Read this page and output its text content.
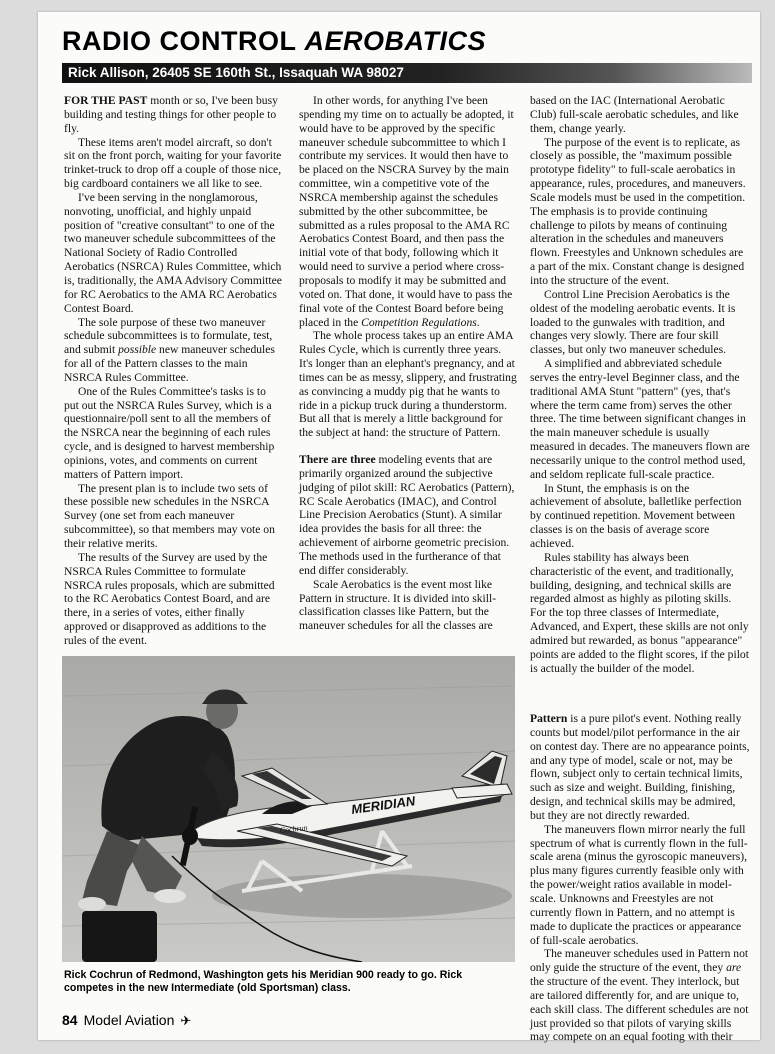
RADIO CONTROL AEROBATICS
Rick Allison, 26405 SE 160th St., Issaquah WA 98027

FOR THE PAST month or so, I've been busy building and testing things for other people to fly.

These items aren't model aircraft, so don't sit on the front porch, waiting for your favorite trinket-truck to drop off a couple of those nice, big cardboard containers we all like to see.

I've been serving in the nonglamorous, nonvoting, unofficial, and highly unpaid position of "creative consultant" to one of the two maneuver schedule subcommittees of the National Society of Radio Controlled Aerobatics (NSRCA) Rules Committee, which is, traditionally, the AMA Advisory Committee for RC Aerobatics to the AMA RC Aerobatics Contest Board.

The sole purpose of these two maneuver schedule subcommittees is to formulate, test, and submit possible new maneuver schedules for all of the Pattern classes to the main NSRCA Rules Committee.

One of the Rules Committee's tasks is to put out the NSRCA Rules Survey, which is a questionnaire/poll sent to all the members of the NSRCA near the beginning of each rules cycle, and is designed to harvest membership opinions, votes, and comments on current matters of Pattern import.

The present plan is to include two sets of these possible new schedules in the NSRCA Survey (one set from each maneuver subcommittee), so that members may vote on their relative merits.

The results of the Survey are used by the NSRCA Rules Committee to formulate NSRCA rules proposals, which are submitted to the RC Aerobatics Contest Board, and are there, in a series of votes, either finally approved or disapproved as additions to the rules of the event.

In other words, for anything I've been spending my time on to actually be adopted, it would have to be approved by the specific maneuver schedule subcommittee to which I contribute my services. It would then have to be placed on the NSCRA Survey by the main committee, win a competitive vote of the NSRCA membership against the schedules submitted by the other subcommittee, be submitted as a rules proposal to the AMA RC Aerobatics Contest Board, and then pass the initial vote of that body, following which it would need to survive a period where cross-proposals to modify it may be submitted and voted on. That done, it would have to pass the final vote of the Contest Board before being placed in the Competition Regulations.

The whole process takes up an entire AMA Rules Cycle, which is currently three years. It's longer than an elephant's pregnancy, and at times can be as messy, slippery, and frustrating as convincing a muddy pig that he wants to ride in a pickup truck during a thunderstorm. But all that is merely a little background for the subject at hand: the structure of Pattern.

There are three modeling events that are primarily organized around the subjective judging of pilot skill: RC Aerobatics (Pattern), RC Scale Aerobatics (IMAC), and Control Line Precision Aerobatics (Stunt). A similar idea provides the basis for all three: the achievement of airborne geometric precision. The methods used in the furtherance of that end differ considerably.

Scale Aerobatics is the event most like Pattern in structure. It is divided into skill-classification classes like Pattern, but the maneuver schedules for all the classes are

based on the IAC (International Aerobatic Club) full-scale aerobatic schedules, and like them, change yearly.

The purpose of the event is to replicate, as closely as possible, the "maximum possible prototype fidelity" to full-scale aerobatics in appearance, rules, procedures, and maneuvers. Scale models must be used in the competition. The emphasis is to provide continuing challenge to pilots by means of continuing alteration in the schedules and maneuvers flown. Freestyles and Unknown schedules are a part of the mix. Constant change is designed into the structure of the event.

Control Line Precision Aerobatics is the oldest of the modeling aerobatic events. It is loaded to the gunwales with tradition, and changes very slowly. There are four skill classes, but only two maneuver schedules.

A simplified and abbreviated schedule serves the entry-level Beginner class, and the traditional AMA Stunt "pattern" (yes, that's where the term came from) serves the other three. The time between significant changes in the main maneuver schedule is usually measured in decades. The maneuvers flown are necessarily unique to the control method used, and seldom replicate full-scale practice.

In Stunt, the emphasis is on the achievement of absolute, balletlike perfection by continued repetition. Movement between classes is on the basis of average score achieved.

Rules stability has always been characteristic of the event, and traditionally, building, designing, and technical skills are regarded almost as highly as piloting skills. For the top three classes of Intermediate, Advanced, and Expert, these skills are not only admired but rewarded, as bonus "appearance" points are added to the flight scores, if the pilot is actually the builder of the model.

Pattern is a pure pilot's event. Nothing really counts but model/pilot performance in the air on contest day. There are no appearance points, and any type of model, scale or not, may be flown, subject only to certain technical limits, such as size and weight. Building, finishing, design, and technical skills may be admired, but they are not directly rewarded.

The maneuvers flown mirror nearly the full spectrum of what is currently flown in the full-scale arena (minus the gyroscopic maneuvers), plus many figures currently feasible only with the power/weight ratios available in model-scale. Unknowns and Freestyles are not currently flown in Pattern, and no attempt is made to duplicate the practices or appearance of full-scale aerobatics.

The maneuver schedules used in Pattern not only guide the structure of the event, they are the structure of the event. They interlock, but are tailored differently for, and are unique to, each skill class. The different schedules are not just provided so that pilots of varying skills may compete on an equal footing with their

MERIDIAN
Cochrun
Rick Cochrun of Redmond, Washington gets his Meridian 900 ready to go. Rick competes in the new Intermediate (old Sportsman) class.
84 Model Aviation ✈
